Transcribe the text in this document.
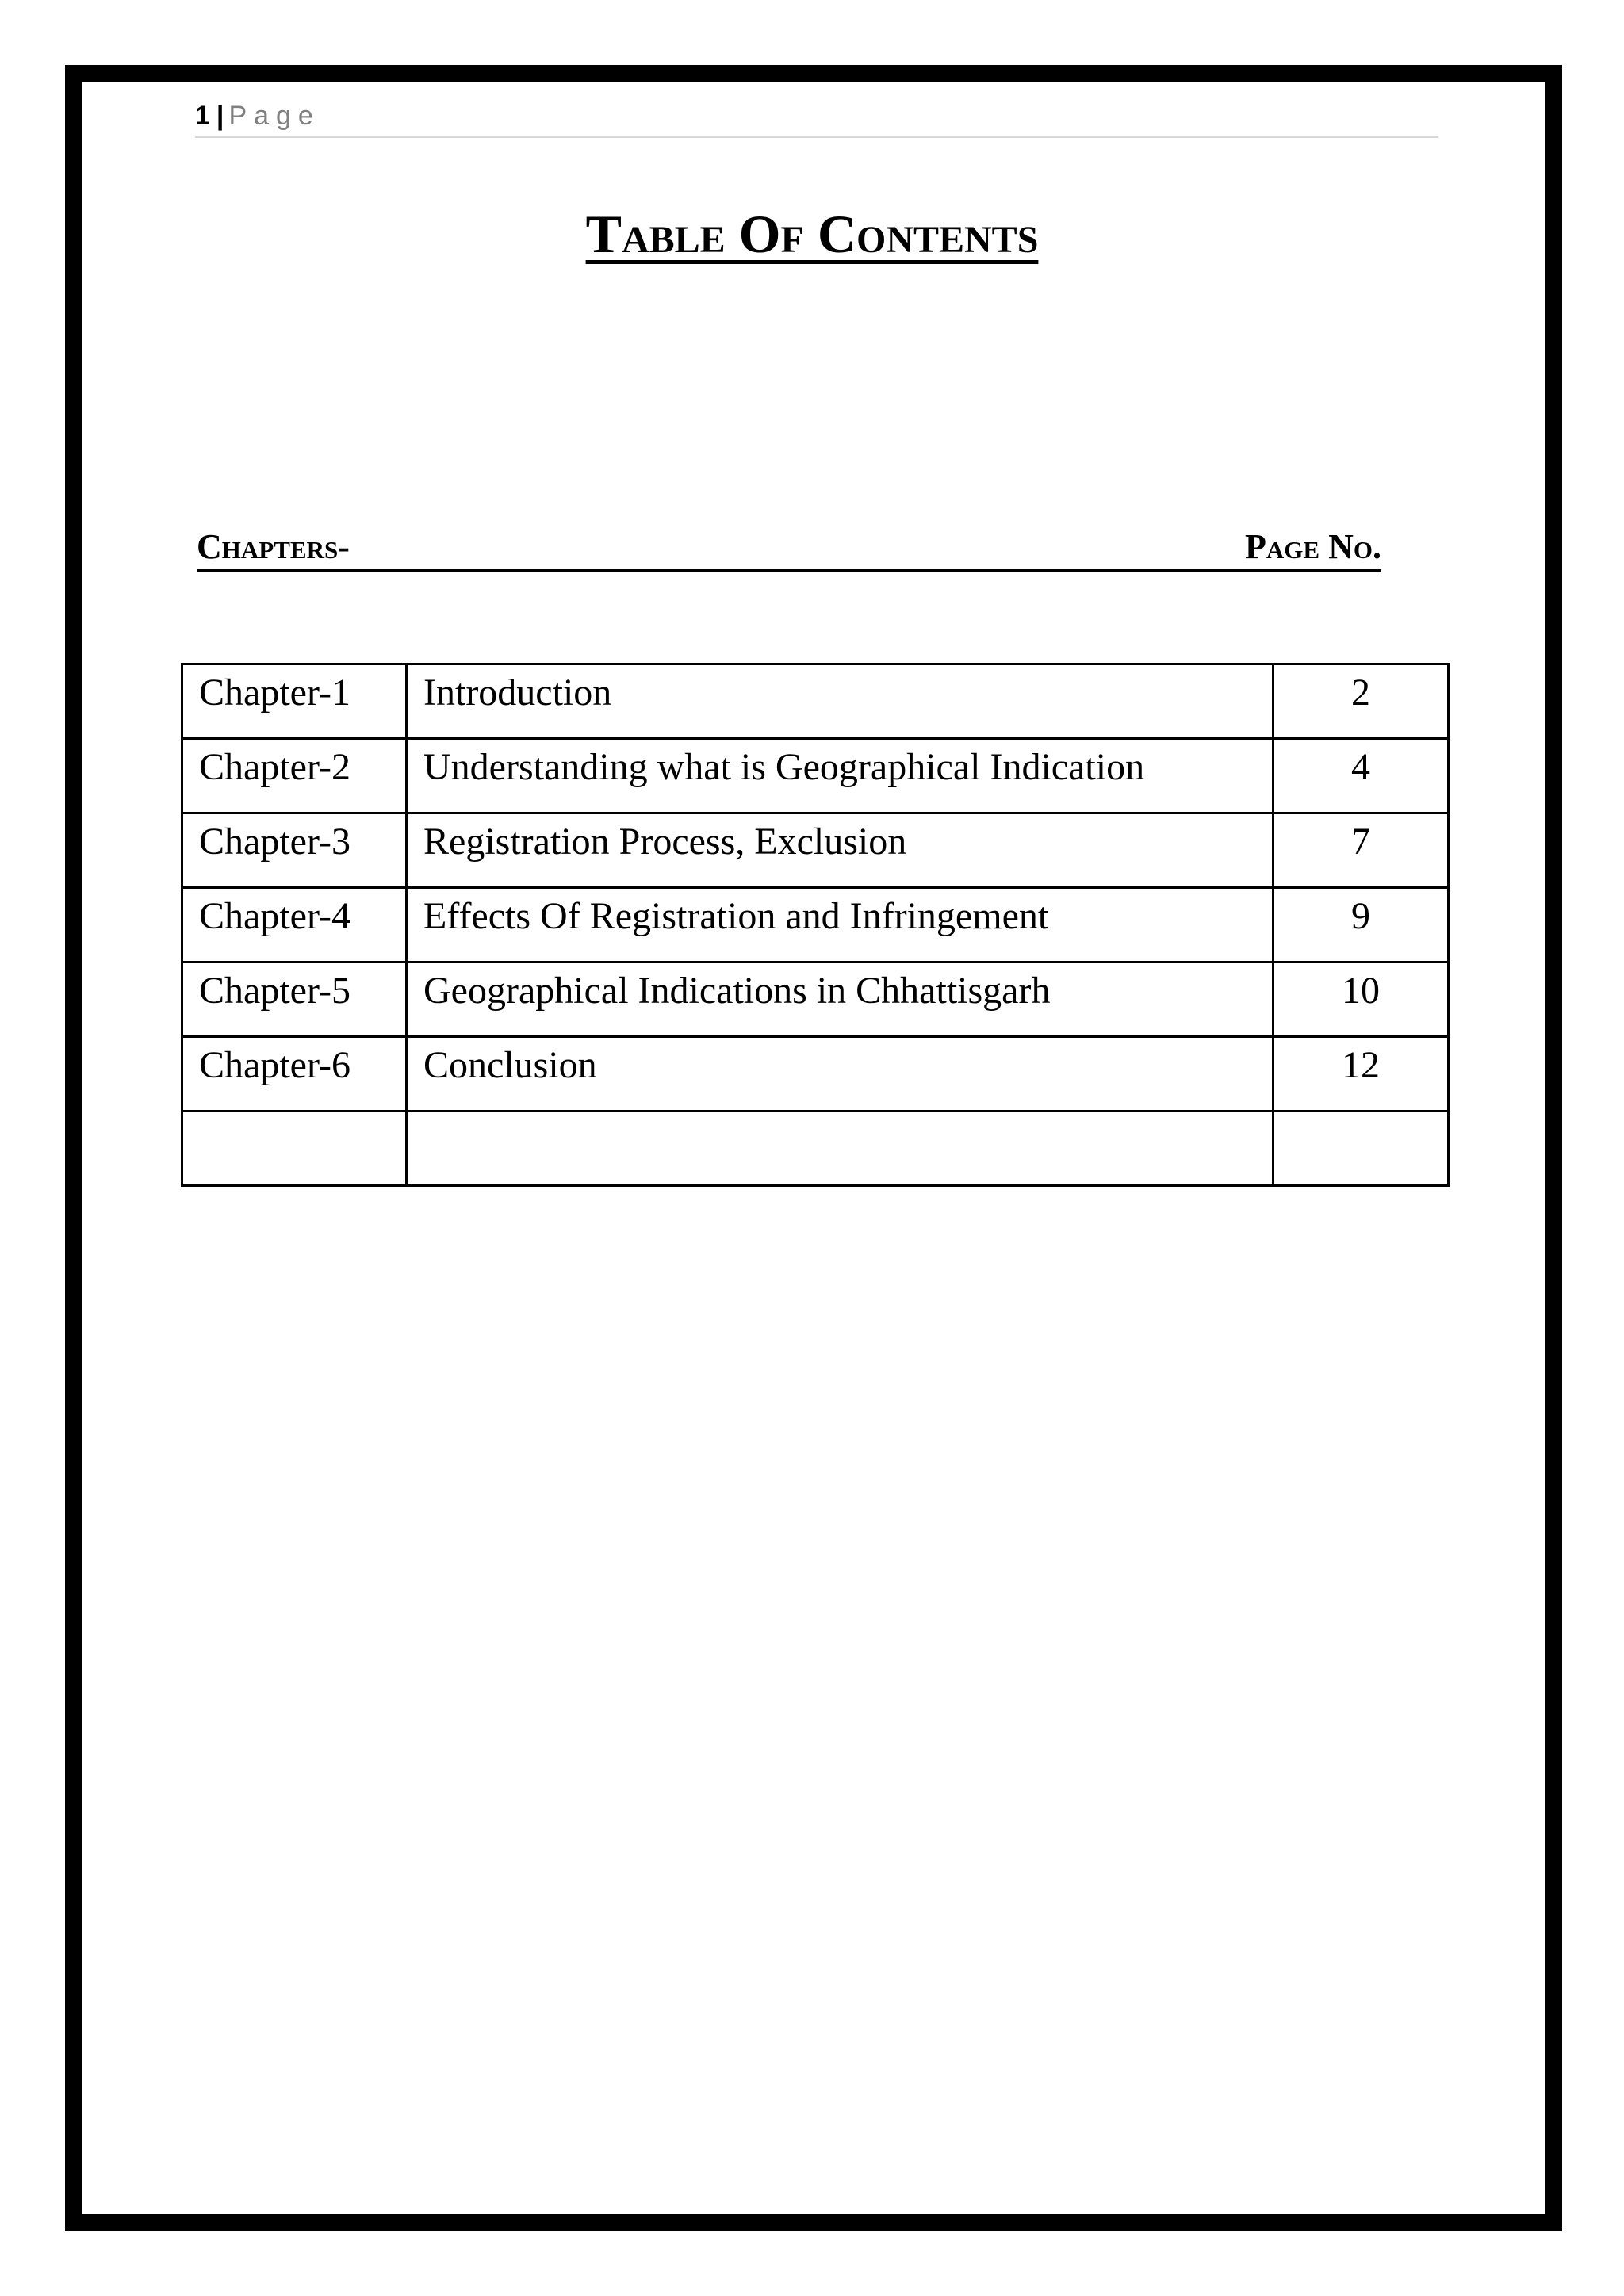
1 | Page
Table Of Contents
Chapters-	Page No.
Chapter-1	Introduction	2
Chapter-2	Understanding what is Geographical Indication	4
Chapter-3	Registration Process, Exclusion	7
Chapter-4	Effects Of Registration and Infringement	9
Chapter-5	Geographical Indications in Chhattisgarh	10
Chapter-6	Conclusion	12
